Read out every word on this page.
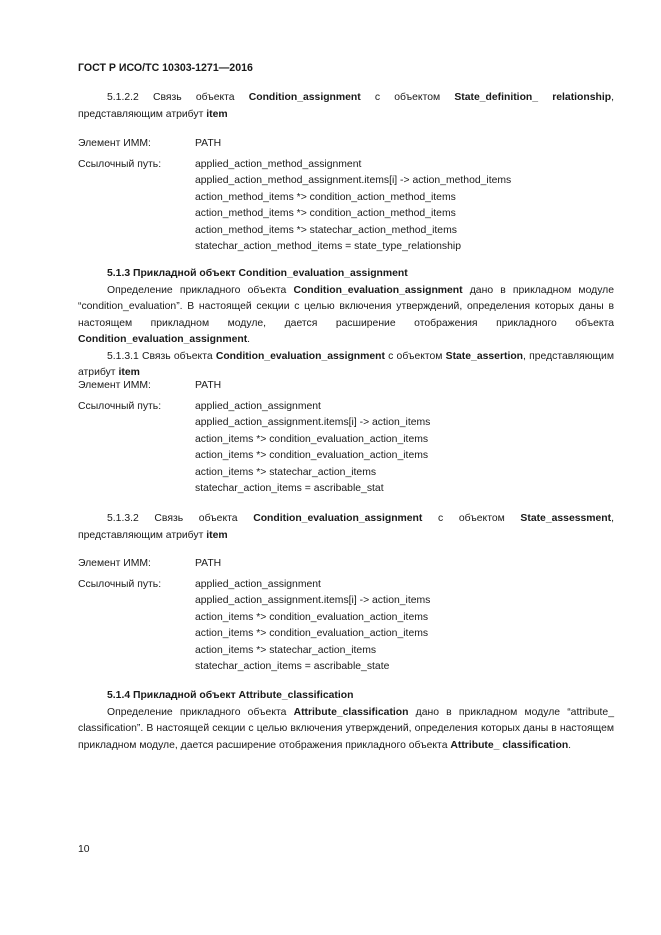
ГОСТ Р ИСО/ТС 10303-1271—2016

5.1.2.2 Связь объекта Condition_assignment с объектом State_definition_ relationship, представляющим атрибут item

Элемент ИММ:	PATH
Ссылочный путь:	applied_action_method_assignment
applied_action_method_assignment.items[i] -> action_method_items
action_method_items *> condition_action_method_items
action_method_items *> condition_action_method_items
action_method_items *> statechar_action_method_items
statechar_action_method_items = state_type_relationship

5.1.3 Прикладной объект Condition_evaluation_assignment

Определение прикладного объекта Condition_evaluation_assignment дано в прикладном модуле “condition_evaluation”. В настоящей секции с целью включения утверждений, определения которых даны в настоящем прикладном модуле, дается расширение отображения прикладного объекта Condition_evaluation_assignment.

5.1.3.1 Связь объекта Condition_evaluation_assignment с объектом State_assertion, представляющим атрибут item

Элемент ИММ:	PATH
Ссылочный путь:	applied_action_assignment
applied_action_assignment.items[i] -> action_items
action_items *> condition_evaluation_action_items
action_items *> condition_evaluation_action_items
action_items *> statechar_action_items
statechar_action_items = ascribable_stat

5.1.3.2 Связь объекта Condition_evaluation_assignment с объектом State_assessment, представляющим атрибут item

Элемент ИММ:	PATH
Ссылочный путь:	applied_action_assignment
applied_action_assignment.items[i] -> action_items
action_items *> condition_evaluation_action_items
action_items *> condition_evaluation_action_items
action_items *> statechar_action_items
statechar_action_items = ascribable_state

5.1.4 Прикладной объект Attribute_classification

Определение прикладного объекта Attribute_classification дано в прикладном модуле “attribute_ classification”. В настоящей секции с целью включения утверждений, определения которых даны в настоящем прикладном модуле, дается расширение отображения прикладного объекта Attribute_ classification.

10
